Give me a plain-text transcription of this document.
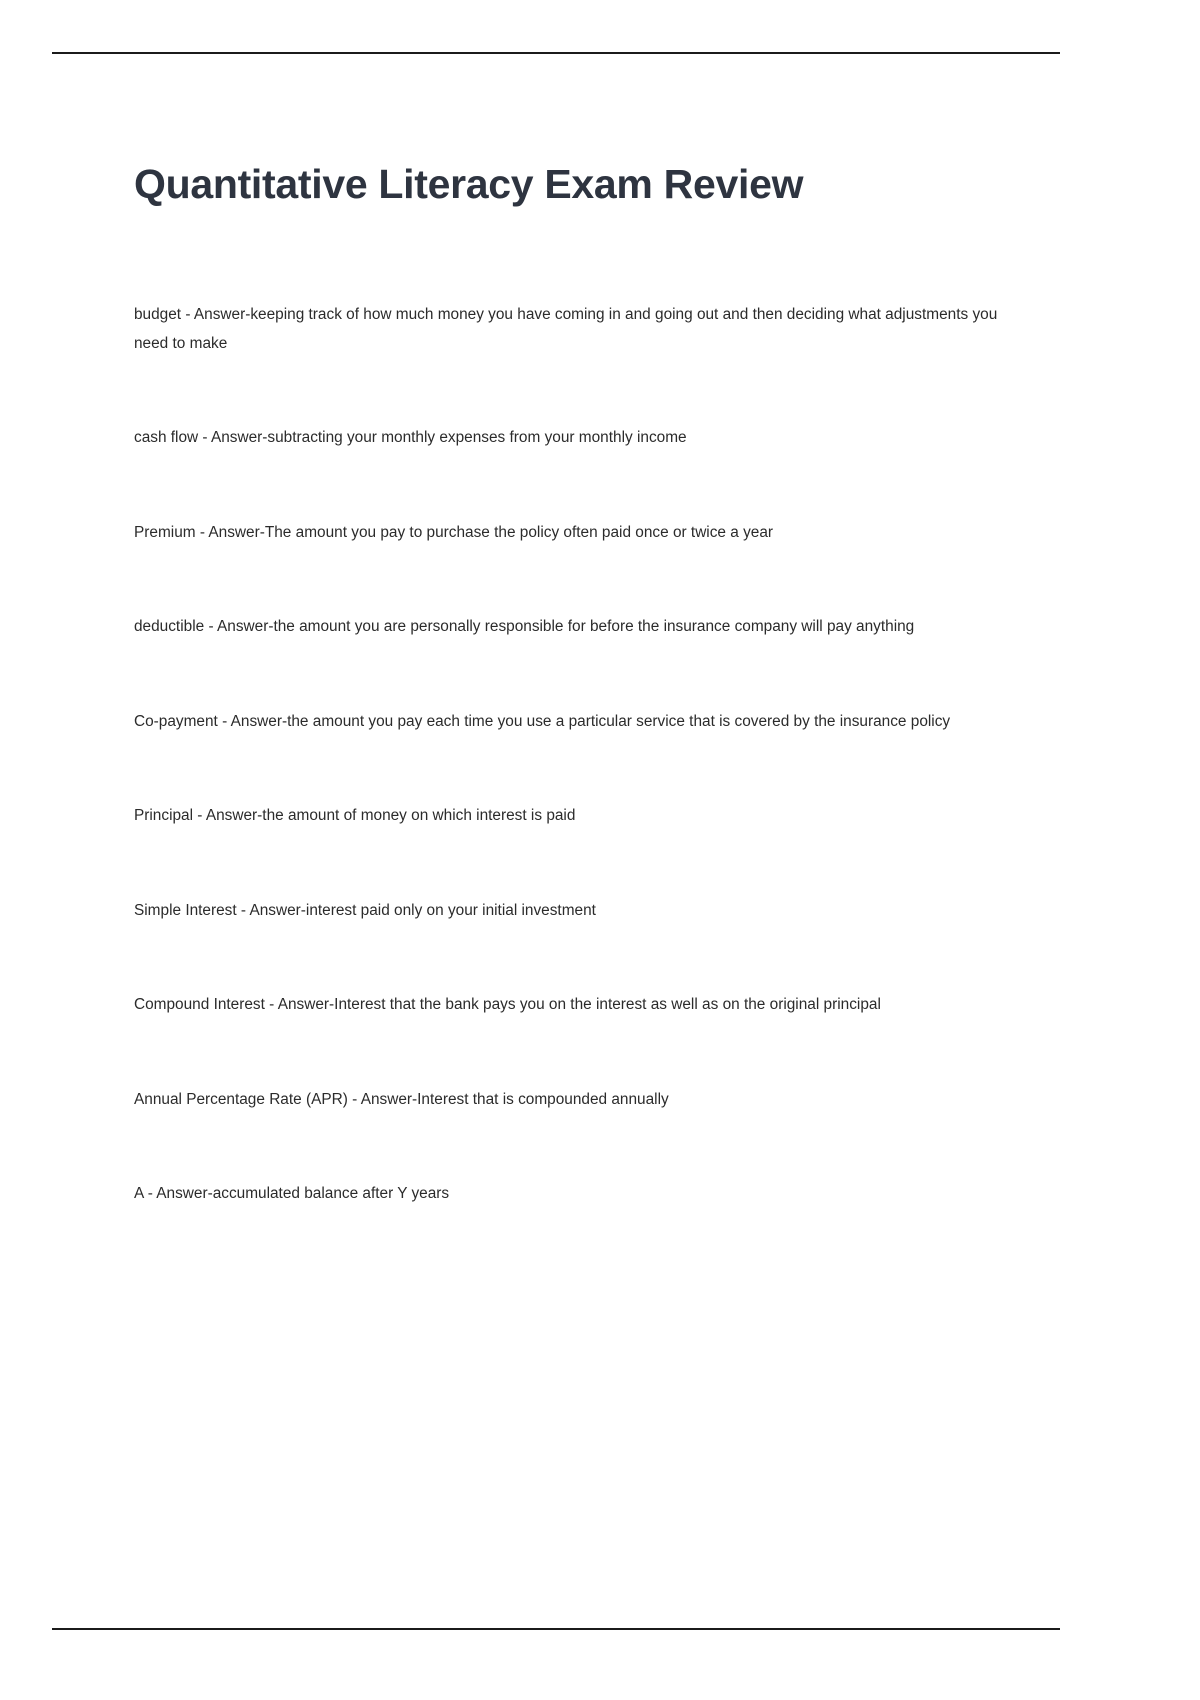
Quantitative Literacy Exam Review

budget - Answer-keeping track of how much money you have coming in and going out and then deciding what adjustments you need to make

cash flow - Answer-subtracting your monthly expenses from your monthly income

Premium - Answer-The amount you pay to purchase the policy often paid once or twice a year

deductible - Answer-the amount you are personally responsible for before the insurance company will pay anything

Co-payment - Answer-the amount you pay each time you use a particular service that is covered by the insurance policy

Principal - Answer-the amount of money on which interest is paid

Simple Interest - Answer-interest paid only on your initial investment

Compound Interest - Answer-Interest that the bank pays you on the interest as well as on the original principal

Annual Percentage Rate (APR) - Answer-Interest that is compounded annually

A - Answer-accumulated balance after Y years
